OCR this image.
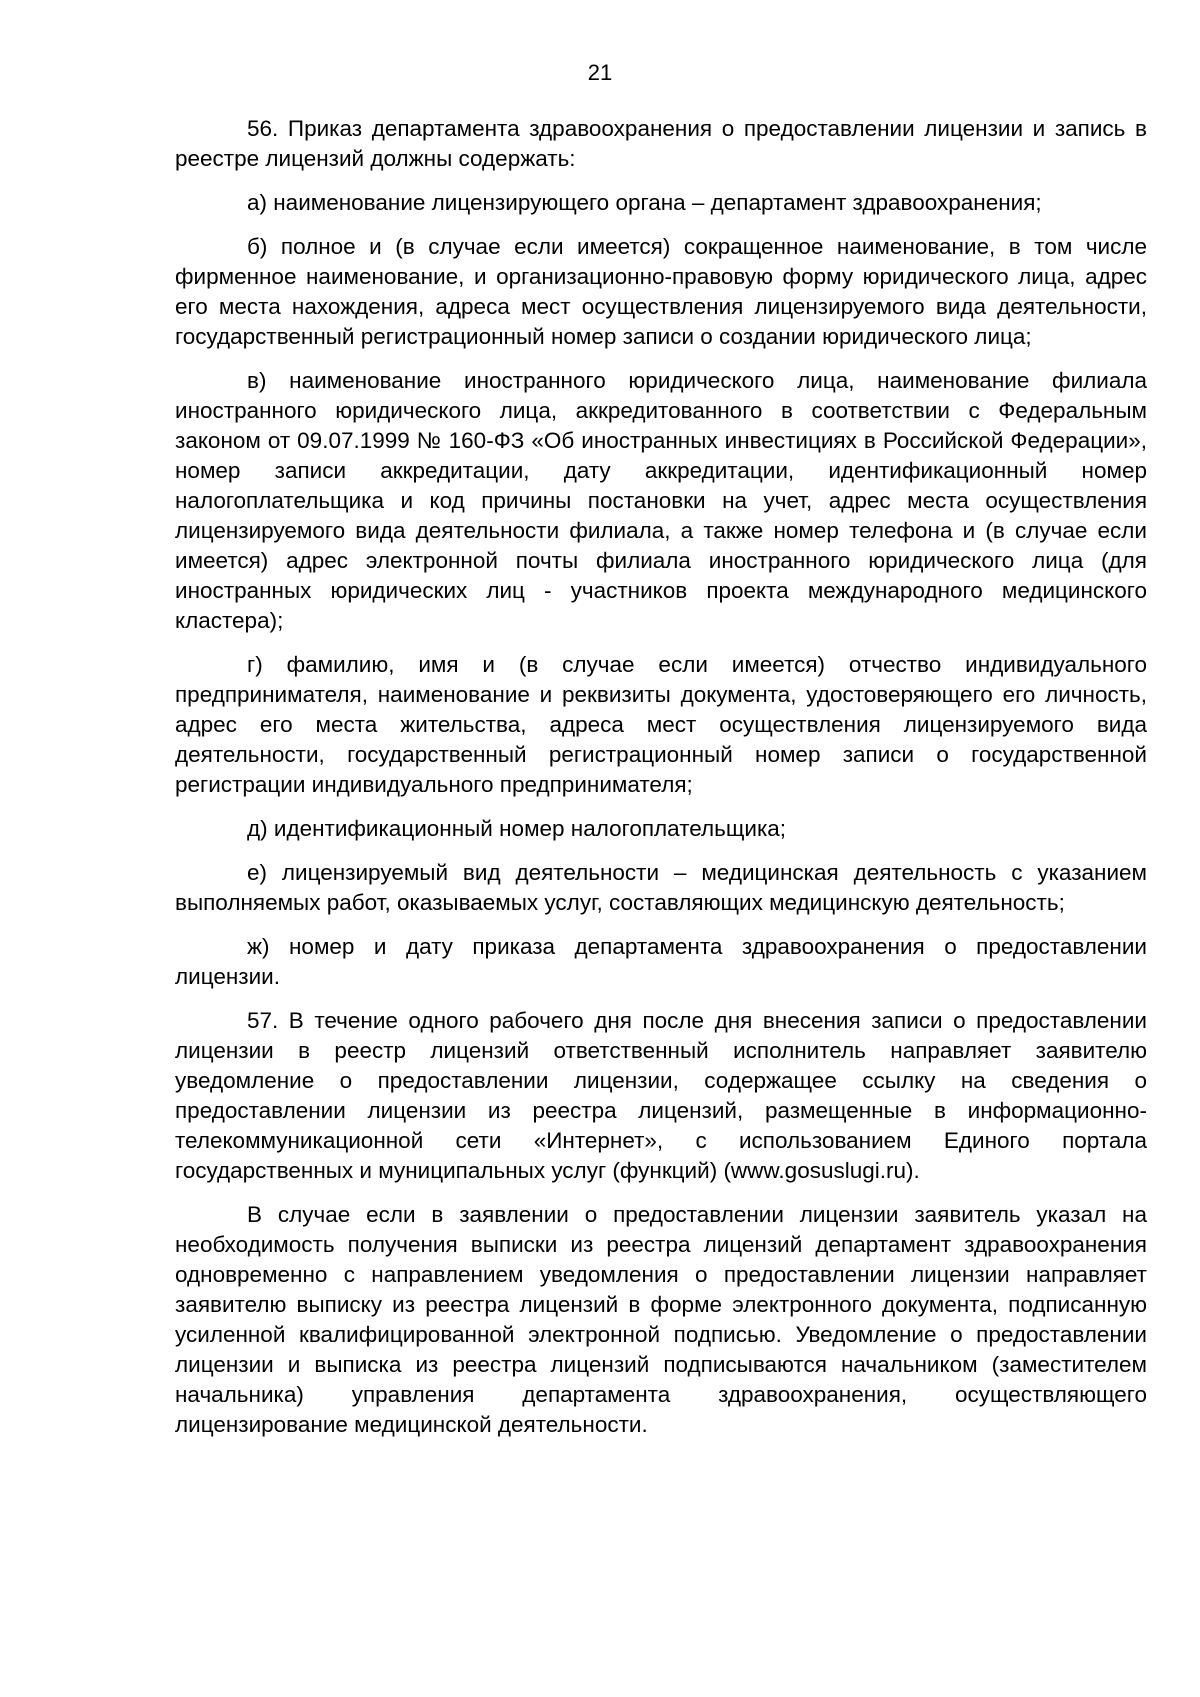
21

56. Приказ департамента здравоохранения о предоставлении лицензии и запись в реестре лицензий должны содержать:

а) наименование лицензирующего органа – департамент здравоохранения;

б) полное и (в случае если имеется) сокращенное наименование, в том числе фирменное наименование, и организационно-правовую форму юридического лица, адрес его места нахождения, адреса мест осуществления лицензируемого вида деятельности, государственный регистрационный номер записи о создании юридического лица;

в) наименование иностранного юридического лица, наименование филиала иностранного юридического лица, аккредитованного в соответствии с Федеральным законом от 09.07.1999 № 160-ФЗ «Об иностранных инвестициях в Российской Федерации», номер записи аккредитации, дату аккредитации, идентификационный номер налогоплательщика и код причины постановки на учет, адрес места осуществления лицензируемого вида деятельности филиала, а также номер телефона и (в случае если имеется) адрес электронной почты филиала иностранного юридического лица (для иностранных юридических лиц - участников проекта международного медицинского кластера);

г) фамилию, имя и (в случае если имеется) отчество индивидуального предпринимателя, наименование и реквизиты документа, удостоверяющего его личность, адрес его места жительства, адреса мест осуществления лицензируемого вида деятельности, государственный регистрационный номер записи о государственной регистрации индивидуального предпринимателя;

д) идентификационный номер налогоплательщика;

е) лицензируемый вид деятельности – медицинская деятельность с указанием выполняемых работ, оказываемых услуг, составляющих медицинскую деятельность;

ж) номер и дату приказа департамента здравоохранения о предоставлении лицензии.

57. В течение одного рабочего дня после дня внесения записи о предоставлении лицензии в реестр лицензий ответственный исполнитель направляет заявителю уведомление о предоставлении лицензии, содержащее ссылку на сведения о предоставлении лицензии из реестра лицензий, размещенные в информационно-телекоммуникационной сети «Интернет», с использованием Единого портала государственных и муниципальных услуг (функций) (www.gosuslugi.ru).

В случае если в заявлении о предоставлении лицензии заявитель указал на необходимость получения выписки из реестра лицензий департамент здравоохранения одновременно с направлением уведомления о предоставлении лицензии направляет заявителю выписку из реестра лицензий в форме электронного документа, подписанную усиленной квалифицированной электронной подписью. Уведомление о предоставлении лицензии и выписка из реестра лицензий подписываются начальником (заместителем начальника) управления департамента здравоохранения, осуществляющего лицензирование медицинской деятельности.
